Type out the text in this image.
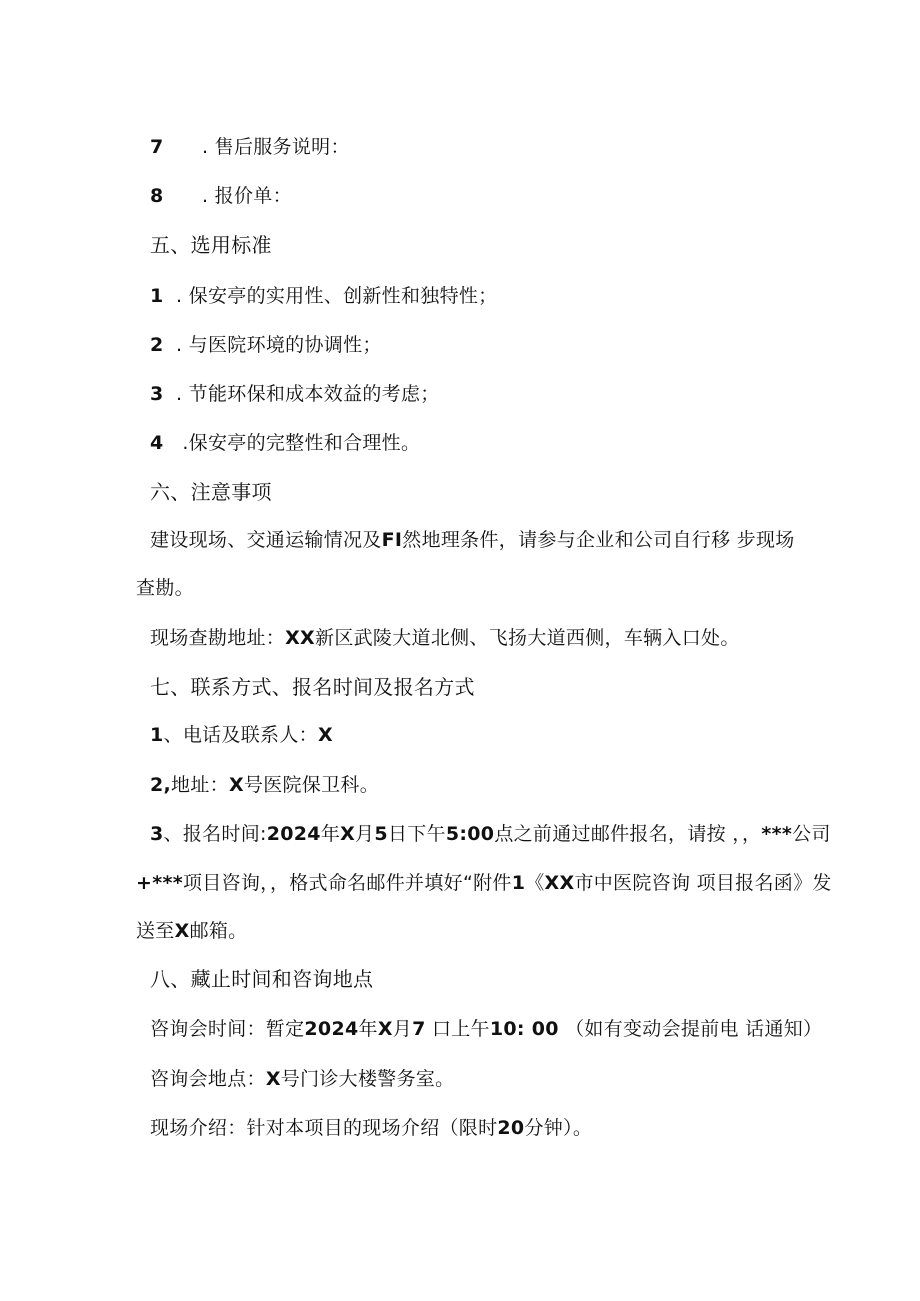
7 . 售后服务说明：
8 . 报价单：
五、选用标准
1 . 保安亭的实用性、创新性和独特性；
2 . 与医院环境的协调性；
3 . 节能环保和成本效益的考虑；
4 .保安亭的完整性和合理性。
六、注意事项
建设现场、交通运输情况及FI然地理条件，请参与企业和公司自行移 步现场
查勘。
现场查勘地址：XX新区武陵大道北侧、飞扬大道西侧，车辆入口处。
七、联系方式、报名时间及报名方式
1、电话及联系人：X
2,地址：X号医院保卫科。
3、报名时间:2024年X月5日下午5:00点之前通过邮件报名，请按 ，，***公司
+***项目咨询，，格式命名邮件并填好“附件1《XX市中医院咨询 项目报名函》发
送至X邮箱。
八、藏止时间和咨询地点
咨询会时间：暂定2024年X月7 口上午10: 00 （如有变动会提前电 话通知）
咨询会地点：X号门诊大楼警务室。
现场介绍：针对本项目的现场介绍（限时20分钟）。
